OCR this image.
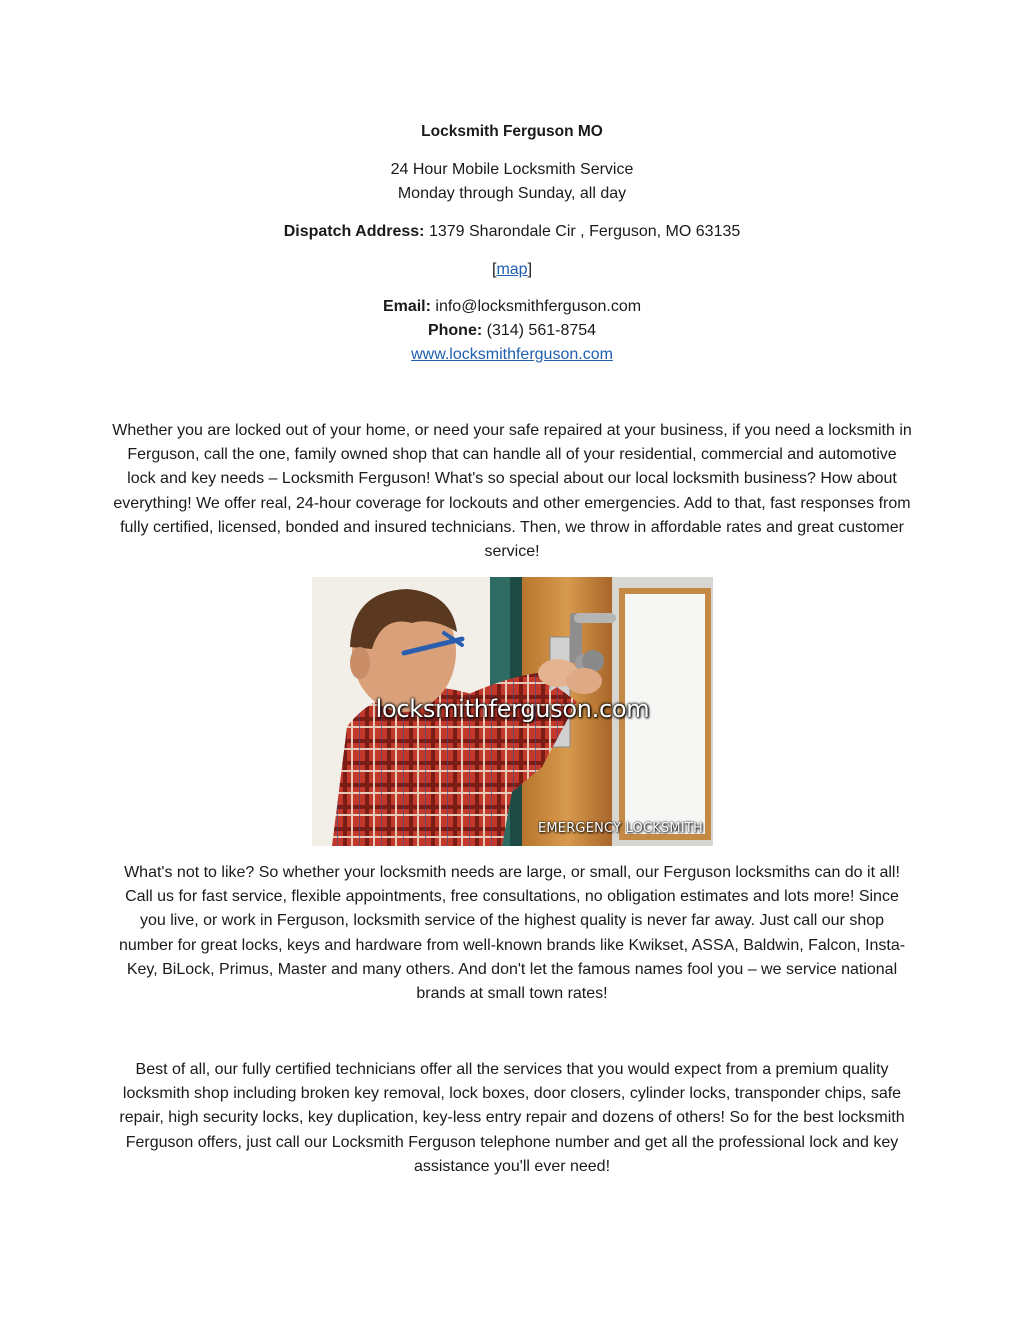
Locksmith Ferguson MO
24 Hour Mobile Locksmith Service
Monday through Sunday, all day
Dispatch Address: 1379 Sharondale Cir , Ferguson, MO 63135
[map]
Email: info@locksmithferguson.com
Phone: (314) 561-8754
www.locksmithferguson.com
Whether you are locked out of your home, or need your safe repaired at your business, if you need a locksmith in Ferguson, call the one, family owned shop that can handle all of your residential, commercial and automotive lock and key needs – Locksmith Ferguson! What's so special about our local locksmith business? How about everything! We offer real, 24-hour coverage for lockouts and other emergencies. Add to that, fast responses from fully certified, licensed, bonded and insured technicians. Then, we throw in affordable rates and great customer service!
locksmithferguson.com
EMERGENCY LOCKSMITH
What's not to like? So whether your locksmith needs are large, or small, our Ferguson locksmiths can do it all! Call us for fast service, flexible appointments, free consultations, no obligation estimates and lots more! Since you live, or work in Ferguson, locksmith service of the highest quality is never far away. Just call our shop number for great locks, keys and hardware from well-known brands like Kwikset, ASSA, Baldwin, Falcon, Insta-Key, BiLock, Primus, Master and many others. And don't let the famous names fool you – we service national brands at small town rates!
Best of all, our fully certified technicians offer all the services that you would expect from a premium quality locksmith shop including broken key removal, lock boxes, door closers, cylinder locks, transponder chips, safe repair, high security locks, key duplication, key-less entry repair and dozens of others! So for the best locksmith Ferguson offers, just call our Locksmith Ferguson telephone number and get all the professional lock and key assistance you'll ever need!
